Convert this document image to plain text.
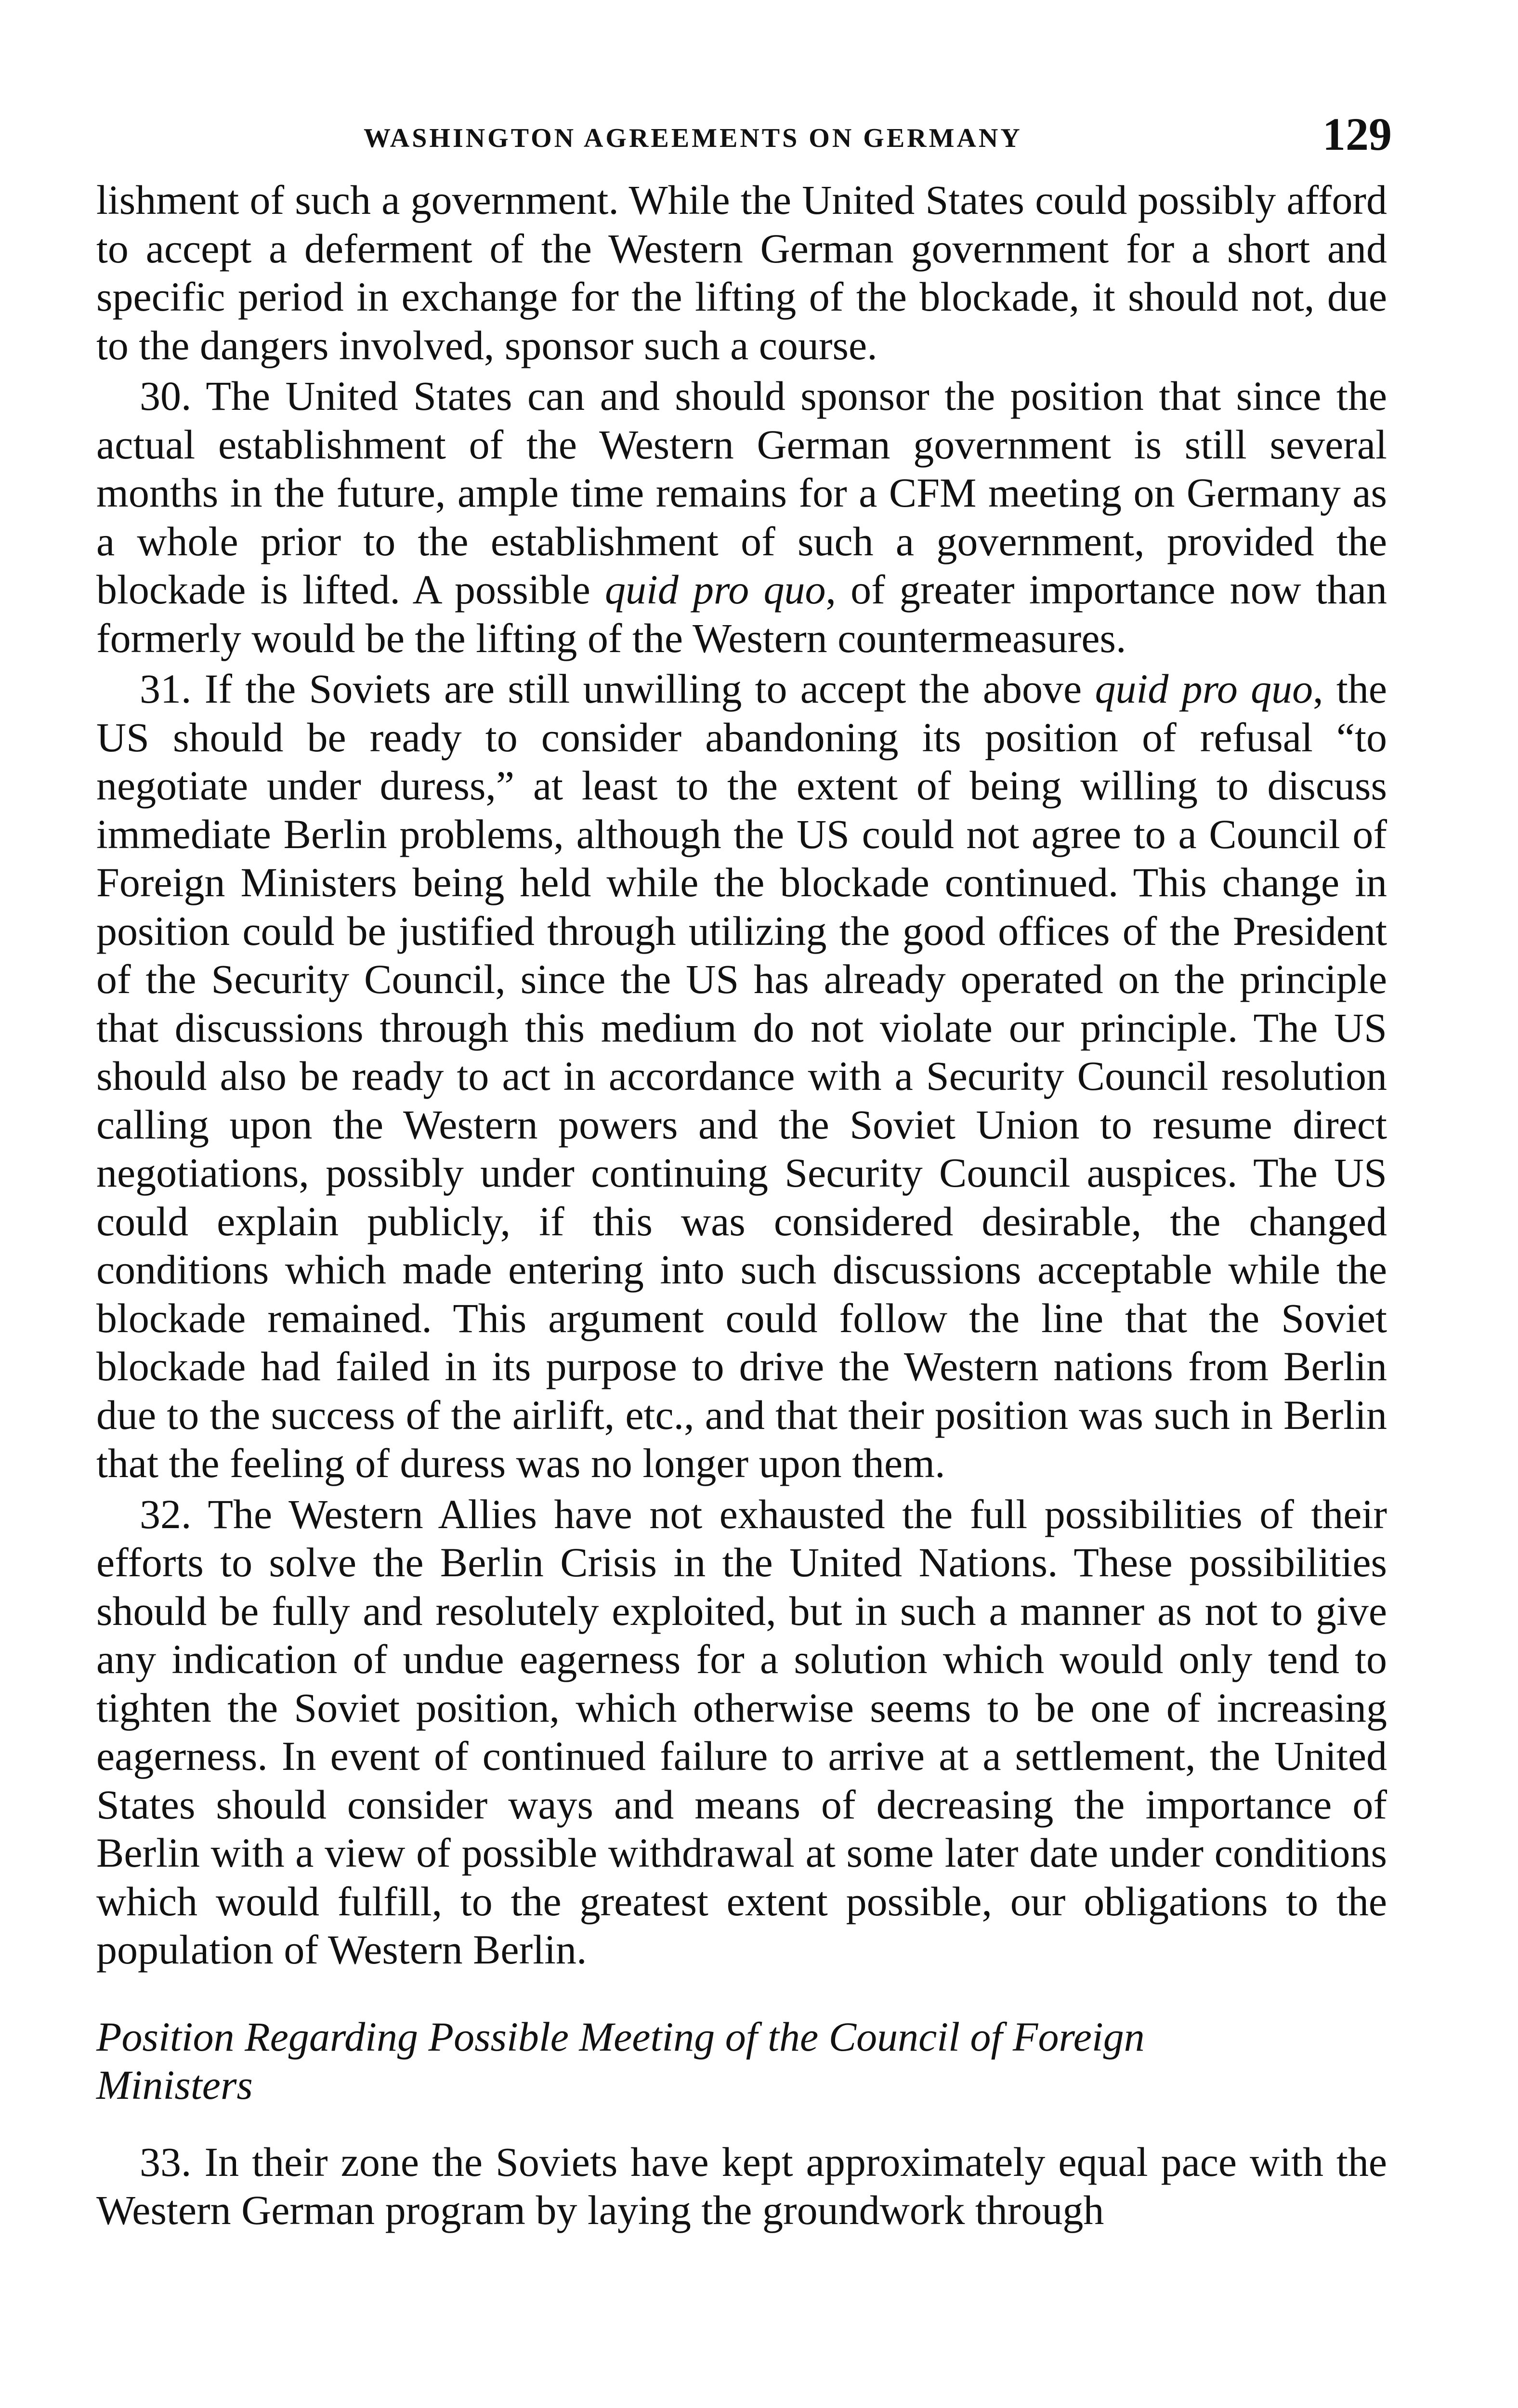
WASHINGTON AGREEMENTS ON GERMANY	129

lishment of such a government. While the United States could possibly afford to accept a deferment of the Western German government for a short and specific period in exchange for the lifting of the blockade, it should not, due to the dangers involved, sponsor such a course.

30. The United States can and should sponsor the position that since the actual establishment of the Western German government is still several months in the future, ample time remains for a CFM meeting on Germany as a whole prior to the establishment of such a government, provided the blockade is lifted. A possible quid pro quo, of greater importance now than formerly would be the lifting of the Western countermeasures.

31. If the Soviets are still unwilling to accept the above quid pro quo, the US should be ready to consider abandoning its position of refusal “to negotiate under duress,” at least to the extent of being willing to discuss immediate Berlin problems, although the US could not agree to a Council of Foreign Ministers being held while the blockade continued. This change in position could be justified through utilizing the good offices of the President of the Security Council, since the US has already operated on the principle that discussions through this medium do not violate our principle. The US should also be ready to act in accordance with a Security Council resolution calling upon the Western powers and the Soviet Union to resume direct negotiations, possibly under continuing Security Council auspices. The US could explain publicly, if this was considered desirable, the changed conditions which made entering into such discussions acceptable while the blockade remained. This argument could follow the line that the Soviet blockade had failed in its purpose to drive the Western nations from Berlin due to the success of the airlift, etc., and that their position was such in Berlin that the feeling of duress was no longer upon them.

32. The Western Allies have not exhausted the full possibilities of their efforts to solve the Berlin Crisis in the United Nations. These possibilities should be fully and resolutely exploited, but in such a manner as not to give any indication of undue eagerness for a solution which would only tend to tighten the Soviet position, which otherwise seems to be one of increasing eagerness. In event of continued failure to arrive at a settlement, the United States should consider ways and means of decreasing the importance of Berlin with a view of possible withdrawal at some later date under conditions which would fulfill, to the greatest extent possible, our obligations to the population of Western Berlin.

Position Regarding Possible Meeting of the Council of Foreign
Ministers

33. In their zone the Soviets have kept approximately equal pace with the Western German program by laying the groundwork through
